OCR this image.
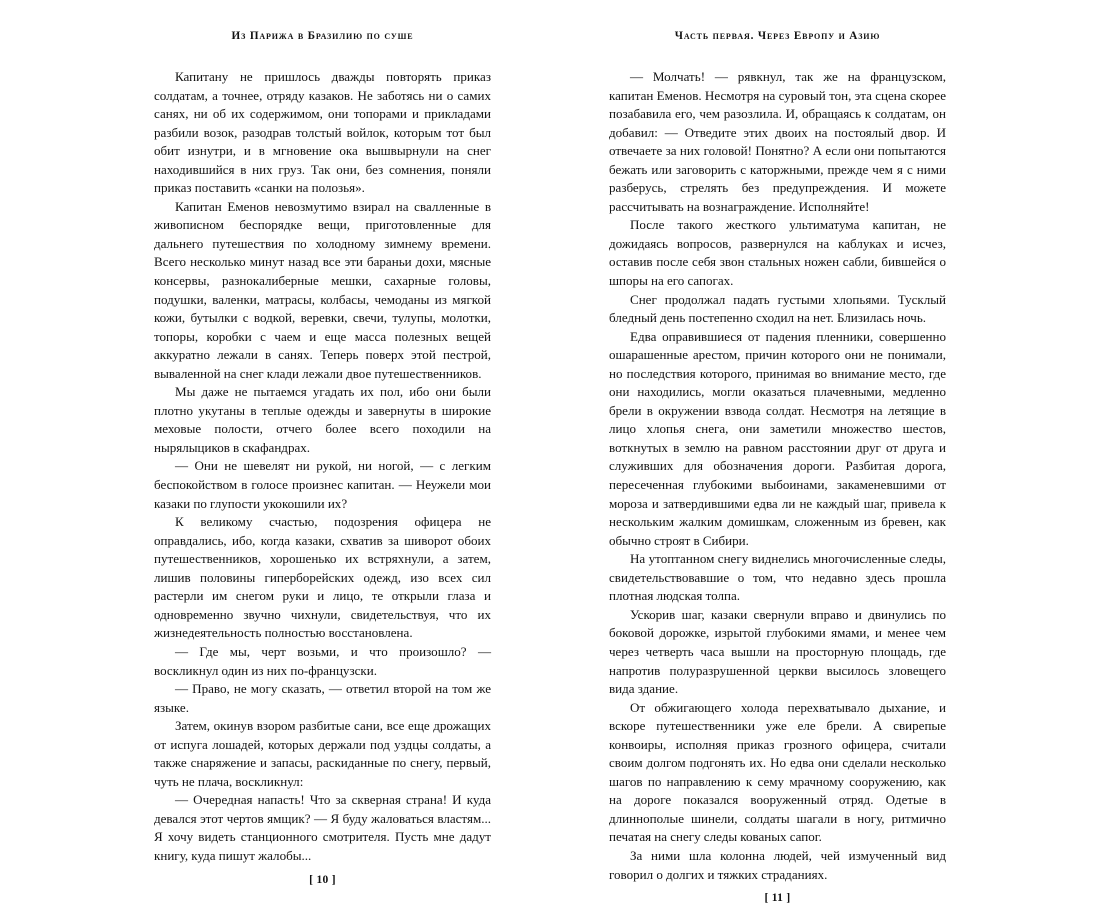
Из Парижа в Бразилию по суше

Капитану не пришлось дважды повторять приказ солдатам, а точнее, отряду казаков. Не заботясь ни о самих санях, ни об их содержимом, они топорами и прикладами разбили возок, разодрав толстый войлок, которым тот был обит изнутри, и в мгновение ока вышвырнули на снег находившийся в них груз. Так они, без сомнения, поняли приказ поставить «санки на полозья».

Капитан Еменов невозмутимо взирал на свалленные в живописном беспорядке вещи, приготовленные для дальнего путешествия по холодному зимнему времени. Всего несколько минут назад все эти бараньи дохи, мясные консервы, разнокалиберные мешки, сахарные головы, подушки, валенки, матрасы, колбасы, чемоданы из мягкой кожи, бутылки с водкой, веревки, свечи, тулупы, молотки, топоры, коробки с чаем и еще масса полезных вещей аккуратно лежали в санях. Теперь поверх этой пестрой, вываленной на снег клади лежали двое путешественников.

Мы даже не пытаемся угадать их пол, ибо они были плотно укутаны в теплые одежды и завернуты в широкие меховые полости, отчего более всего походили на нырялыциков в скафандрах.

— Они не шевелят ни рукой, ни ногой, — с легким беспокойством в голосе произнес капитан. — Неужели мои казаки по глупости укокошили их?

К великому счастью, подозрения офицера не оправдались, ибо, когда казаки, схватив за шиворот обоих путешественников, хорошенько их встряхнули, а затем, лишив половины гиперборейских одежд, изо всех сил растерли им снегом руки и лицо, те открыли глаза и одновременно звучно чихнули, свидетельствуя, что их жизнедеятельность полностью восстановлена.

— Где мы, черт возьми, и что произошло? — воскликнул один из них по-французски.

— Право, не могу сказать, — ответил второй на том же языке.

Затем, окинув взором разбитые сани, все еще дрожащих от испуга лошадей, которых держали под уздцы солдаты, а также снаряжение и запасы, раскиданные по снегу, первый, чуть не плача, воскликнул:

— Очередная напасть! Что за скверная страна! И куда девался этот чертов ямщик? — Я буду жаловаться властям... Я хочу видеть станционного смотрителя. Пусть мне дадут книгу, куда пишут жалобы...

[ 10 ]
Часть первая. Через Европу и Азию

— Молчать! — рявкнул, так же на французском, капитан Еменов. Несмотря на суровый тон, эта сцена скорее позабавила его, чем разозлила. И, обращаясь к солдатам, он добавил: — Отведите этих двоих на постоялый двор. И отвечаете за них головой! Понятно? А если они попытаются бежать или заговорить с каторжными, прежде чем я с ними разберусь, стрелять без предупреждения. И можете рассчитывать на вознаграждение. Исполняйте!

После такого жесткого ультиматума капитан, не дожидаясь вопросов, развернулся на каблуках и исчез, оставив после себя звон стальных ножен сабли, бившейся о шпоры на его сапогах.

Снег продолжал падать густыми хлопьями. Тусклый бледный день постепенно сходил на нет. Близилась ночь.

Едва оправившиеся от падения пленники, совершенно ошарашенные арестом, причин которого они не понимали, но последствия которого, принимая во внимание место, где они находились, могли оказаться плачевными, медленно брели в окружении взвода солдат. Несмотря на летящие в лицо хлопья снега, они заметили множество шестов, воткнутых в землю на равном расстоянии друг от друга и служивших для обозначения дороги. Разбитая дорога, пересеченная глубокими выбоинами, закаменевшими от мороза и затвердившими едва ли не каждый шаг, привела к нескольким жалким домишкам, сложенным из бревен, как обычно строят в Сибири.

На утоптанном снегу виднелись многочисленные следы, свидетельствовавшие о том, что недавно здесь прошла плотная людская толпа.

Ускорив шаг, казаки свернули вправо и двинулись по боковой дорожке, изрытой глубокими ямами, и менее чем через четверть часа вышли на просторную площадь, где напротив полуразрушенной церкви высилось зловещего вида здание.

От обжигающего холода перехватывало дыхание, и вскоре путешественники уже еле брели. А свирепые конвоиры, исполняя приказ грозного офицера, считали своим долгом подгонять их. Но едва они сделали несколько шагов по направлению к сему мрачному сооружению, как на дороге показался вооруженный отряд. Одетые в длиннополые шинели, солдаты шагали в ногу, ритмично печатая на снегу следы кованых сапог.

За ними шла колонна людей, чей измученный вид говорил о долгих и тяжких страданиях.

[ 11 ]
